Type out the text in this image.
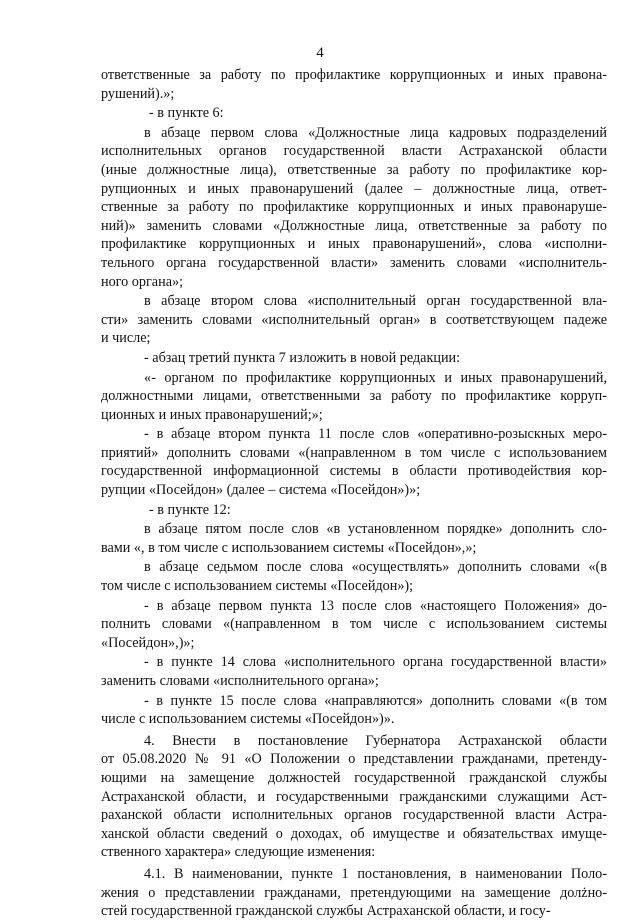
4
ответственные за работу по профилактике коррупционных и иных правона-
рушений).»;
- в пункте 6:
в абзаце первом слова «Должностные лица кадровых подразделений
исполнительных органов государственной власти Астраханской области
(иные должностные лица), ответственные за работу по профилактике кор-
рупционных и иных правонарушений (далее – должностные лица, ответ-
ственные за работу по профилактике коррупционных и иных правонаруше-
ний)» заменить словами «Должностные лица, ответственные за работу по
профилактике коррупционных и иных правонарушений», слова «исполни-
тельного органа государственной власти» заменить словами «исполнитель-
ного органа»;
в абзаце втором слова «исполнительный орган государственной вла-
сти» заменить словами «исполнительный орган» в соответствующем падеже
и числе;
- абзац третий пункта 7 изложить в новой редакции:
«- органом по профилактике коррупционных и иных правонарушений,
должностными лицами, ответственными за работу по профилактике корруп-
ционных и иных правонарушений;»;
- в абзаце втором пункта 11 после слов «оперативно-розыскных меро-
приятий» дополнить словами «(направленном в том числе с использованием
государственной информационной системы в области противодействия кор-
рупции «Посейдон» (далее – система «Посейдон»)»;
- в пункте 12:
в абзаце пятом после слов «в установленном порядке» дополнить сло-
вами «, в том числе с использованием системы «Посейдон»,»;
в абзаце седьмом после слова «осуществлять» дополнить словами «(в
том числе с использованием системы «Посейдон»);
- в абзаце первом пункта 13 после слов «настоящего Положения» до-
полнить словами «(направленном в том числе с использованием системы
«Посейдон»,)»;
- в пункте 14 слова «исполнительного органа государственной власти»
заменить словами «исполнительного органа»;
- в пункте 15 после слова «направляются» дополнить словами «(в том
числе с использованием системы «Посейдон»)».
4. Внести в постановление Губернатора Астраханской области
от 05.08.2020 № 91 «О Положении о представлении гражданами, претенду-
ющими на замещение должностей государственной гражданской службы
Астраханской области, и государственными гражданскими служащими Аст-
раханской области исполнительных органов государственной власти Астра-
ханской области сведений о доходах, об имуществе и обязательствах имуще-
ственного характера» следующие изменения:
4.1. В наименовании, пункте 1 постановления, в наименовании Поло-
жения о представлении гражданами, претендующими на замещение долżно-
стей государственной гражданской службы Астраханской области, и госу-
